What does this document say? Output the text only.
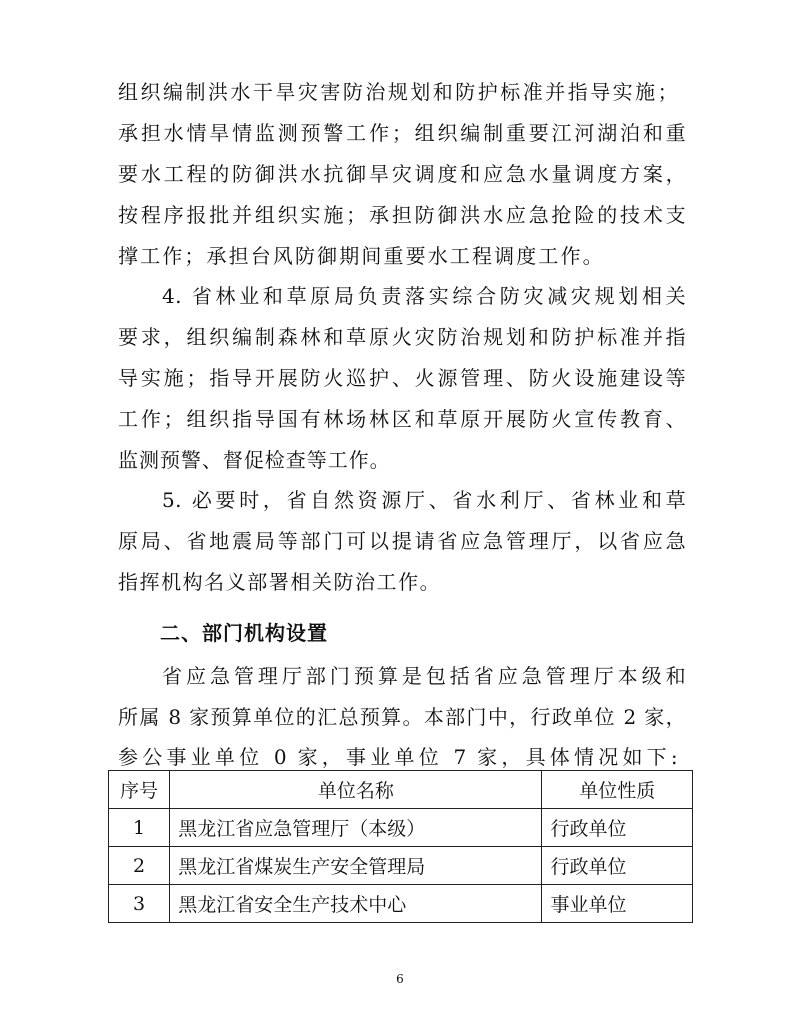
组织编制洪水干旱灾害防治规划和防护标准并指导实施；
承担水情旱情监测预警工作；组织编制重要江河湖泊和重
要水工程的防御洪水抗御旱灾调度和应急水量调度方案，
按程序报批并组织实施；承担防御洪水应急抢险的技术支
撑工作；承担台风防御期间重要水工程调度工作。
4. 省林业和草原局负责落实综合防灾减灾规划相关
要求，组织编制森林和草原火灾防治规划和防护标准并指
导实施；指导开展防火巡护、火源管理、防火设施建设等
工作；组织指导国有林场林区和草原开展防火宣传教育、
监测预警、督促检查等工作。
5. 必要时，省自然资源厅、省水利厅、省林业和草
原局、省地震局等部门可以提请省应急管理厅，以省应急
指挥机构名义部署相关防治工作。
二、部门机构设置
省应急管理厅部门预算是包括省应急管理厅本级和
所属 8 家预算单位的汇总预算。本部门中，行政单位 2 家，
参公事业单位 0 家，事业单位 7 家，具体情况如下:
序号	单位名称	单位性质
1	黑龙江省应急管理厅（本级）	行政单位
2	黑龙江省煤炭生产安全管理局	行政单位
3	黑龙江省安全生产技术中心	事业单位
6
